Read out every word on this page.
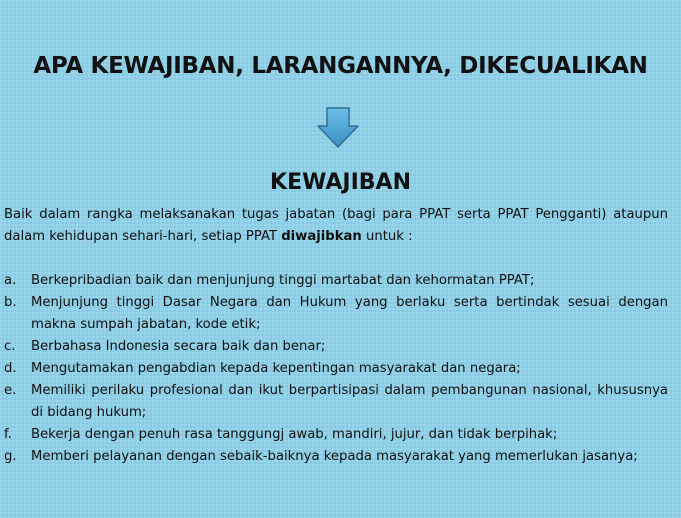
APA KEWAJIBAN, LARANGANNYA, DIKECUALIKAN
KEWAJIBAN

Baik dalam rangka melaksanakan tugas jabatan (bagi para PPAT serta PPAT Pengganti) ataupun dalam kehidupan sehari-hari, setiap PPAT diwajibkan untuk :

a.	Berkepribadian baik dan menjunjung tinggi martabat dan kehormatan PPAT;
b.	Menjunjung tinggi Dasar Negara dan Hukum yang berlaku serta bertindak sesuai dengan makna sumpah jabatan, kode etik;
c.	Berbahasa Indonesia secara baik dan benar;
d.	Mengutamakan pengabdian kepada kepentingan masyarakat dan negara;
e.	Memiliki perilaku profesional dan ikut berpartisipasi dalam pembangunan nasional, khususnya di bidang hukum;
f.	Bekerja dengan penuh rasa tanggungj awab, mandiri, jujur, dan tidak berpihak;
g.	Memberi pelayanan dengan sebaik-baiknya kepada masyarakat yang memerlukan jasanya;
